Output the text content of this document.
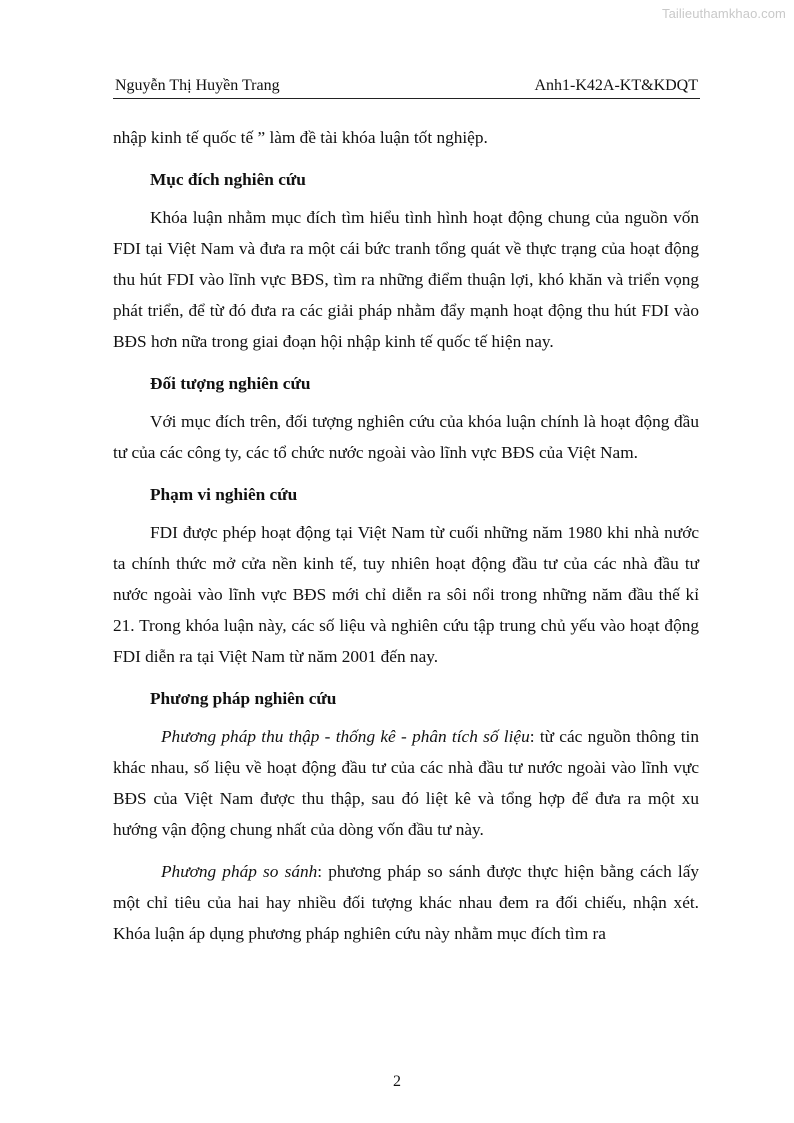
Tailieuthamkhao.com
Nguyễn Thị Huyền Trang	Anh1-K42A-KT&KDQT

nhập kinh tế quốc tế ” làm đề tài khóa luận tốt nghiệp.

Mục đích nghiên cứu

Khóa luận nhằm mục đích tìm hiểu tình hình hoạt động chung của nguồn vốn FDI tại Việt Nam và đưa ra một cái bức tranh tổng quát về thực trạng của hoạt động thu hút FDI vào lĩnh vực BĐS, tìm ra những điểm thuận lợi, khó khăn và triển vọng phát triển, để từ đó đưa ra các giải pháp nhằm đẩy mạnh hoạt động thu hút FDI vào BĐS hơn nữa trong giai đoạn hội nhập kinh tế quốc tế hiện nay.

Đối tượng nghiên cứu

Với mục đích trên, đối tượng nghiên cứu của khóa luận chính là hoạt động đầu tư của các công ty, các tổ chức nước ngoài vào lĩnh vực BĐS của Việt Nam.

Phạm vi nghiên cứu

FDI được phép hoạt động tại Việt Nam từ cuối những năm 1980 khi nhà nước ta chính thức mở cửa nền kinh tế, tuy nhiên hoạt động đầu tư của các nhà đầu tư nước ngoài vào lĩnh vực BĐS mới chỉ diễn ra sôi nổi trong những năm đầu thế kỉ 21. Trong khóa luận này, các số liệu và nghiên cứu tập trung chủ yếu vào hoạt động FDI diễn ra tại Việt Nam từ năm 2001 đến nay.

Phương pháp nghiên cứu

Phương pháp thu thập - thống kê - phân tích số liệu: từ các nguồn thông tin khác nhau, số liệu về hoạt động đầu tư của các nhà đầu tư nước ngoài vào lĩnh vực BĐS của Việt Nam được thu thập, sau đó liệt kê và tổng hợp để đưa ra một xu hướng vận động chung nhất của dòng vốn đầu tư này.

Phương pháp so sánh: phương pháp so sánh được thực hiện bằng cách lấy một chỉ tiêu của hai hay nhiều đối tượng khác nhau đem ra đối chiếu, nhận xét. Khóa luận áp dụng phương pháp nghiên cứu này nhằm mục đích tìm ra

2
